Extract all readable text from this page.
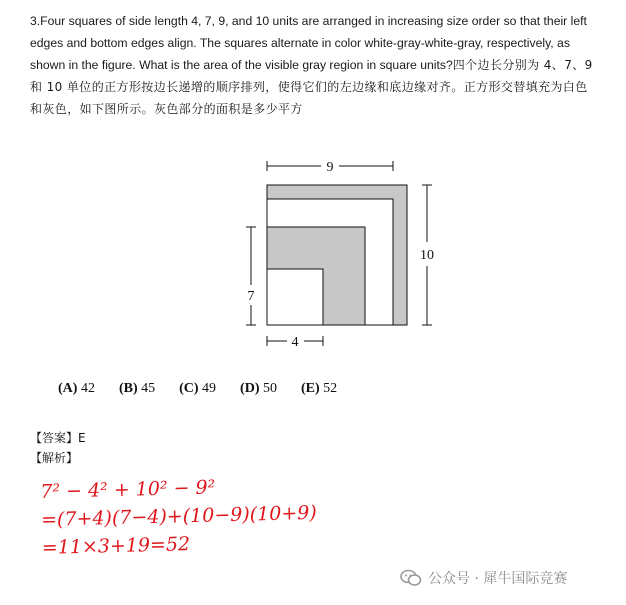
3.Four squares of side length 4, 7, 9, and 10 units are arranged in increasing size order so that their left edges and bottom edges align. The squares alternate in color white-gray-white-gray, respectively, as shown in the figure. What is the area of the visible gray region in square units?四个边长分别为 4、7、9 和 10 单位的正方形按边长递增的顺序排列，使得它们的左边缘和底边缘对齐。正方形交替填充为白色和灰色，如下图所示。灰色部分的面积是多少平方
9
10
7
4
(A) 42 (B) 45 (C) 49 (D) 50 (E) 52
【答案】E
【解析】
7² − 4² + 10² − 9²
=(7+4)(7−4)+(10−9)(10+9)
=11×3+19=52
公众号 · 犀牛国际竞赛
